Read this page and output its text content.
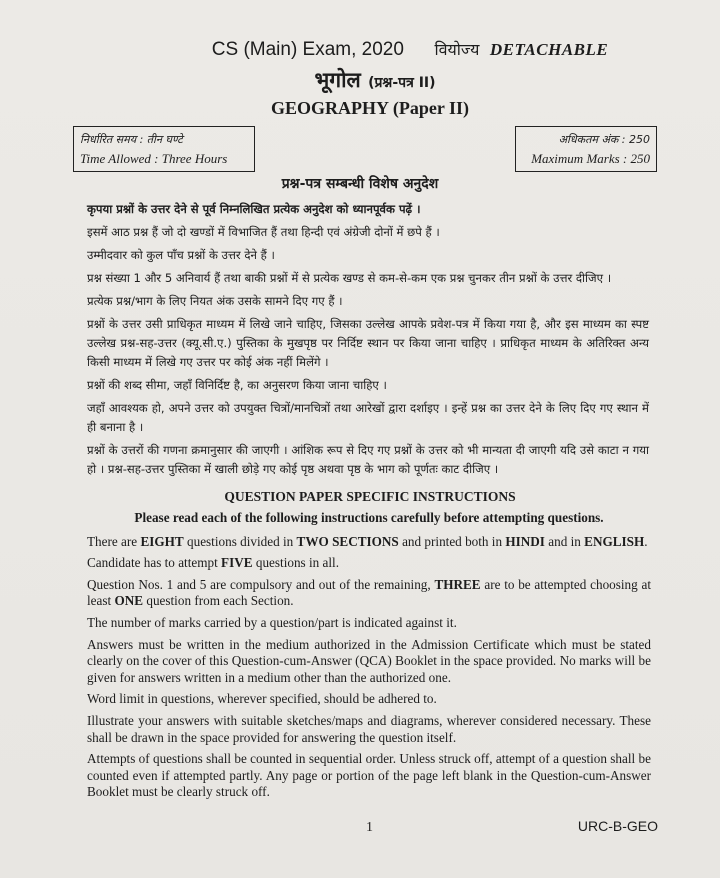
CS (Main) Exam, 2020 वियोज्य DETACHABLE
भूगोल (प्रश्न-पत्र II)
GEOGRAPHY (Paper II)
निर्धारित समय : तीन घण्टे
Time Allowed : Three Hours
अधिकतम अंक : 250
Maximum Marks : 250
प्रश्न-पत्र सम्बन्धी विशेष अनुदेश

कृपया प्रश्नों के उत्तर देने से पूर्व निम्नलिखित प्रत्येक अनुदेश को ध्यानपूर्वक पढ़ें ।

इसमें आठ प्रश्न हैं जो दो खण्डों में विभाजित हैं तथा हिन्दी एवं अंग्रेजी दोनों में छपे हैं ।

उम्मीदवार को कुल पाँच प्रश्नों के उत्तर देने हैं ।

प्रश्न संख्या 1 और 5 अनिवार्य हैं तथा बाकी प्रश्नों में से प्रत्येक खण्ड से कम-से-कम एक प्रश्न चुनकर तीन प्रश्नों के उत्तर दीजिए ।

प्रत्येक प्रश्न/भाग के लिए नियत अंक उसके सामने दिए गए हैं ।

प्रश्नों के उत्तर उसी प्राधिकृत माध्यम में लिखे जाने चाहिए, जिसका उल्लेख आपके प्रवेश-पत्र में किया गया है, और इस माध्यम का स्पष्ट उल्लेख प्रश्न-सह-उत्तर (क्यू.सी.ए.) पुस्तिका के मुखपृष्ठ पर निर्दिष्ट स्थान पर किया जाना चाहिए । प्राधिकृत माध्यम के अतिरिक्त अन्य किसी माध्यम में लिखे गए उत्तर पर कोई अंक नहीं मिलेंगे ।

प्रश्नों की शब्द सीमा, जहाँ विनिर्दिष्ट है, का अनुसरण किया जाना चाहिए ।

जहाँ आवश्यक हो, अपने उत्तर को उपयुक्त चित्रों/मानचित्रों तथा आरेखों द्वारा दर्शाइए । इन्हें प्रश्न का उत्तर देने के लिए दिए गए स्थान में ही बनाना है ।

प्रश्नों के उत्तरों की गणना क्रमानुसार की जाएगी । आंशिक रूप से दिए गए प्रश्नों के उत्तर को भी मान्यता दी जाएगी यदि उसे काटा न गया हो । प्रश्न-सह-उत्तर पुस्तिका में खाली छोड़े गए कोई पृष्ठ अथवा पृष्ठ के भाग को पूर्णतः काट दीजिए ।

QUESTION PAPER SPECIFIC INSTRUCTIONS

Please read each of the following instructions carefully before attempting questions.

There are EIGHT questions divided in TWO SECTIONS and printed both in HINDI and in ENGLISH.

Candidate has to attempt FIVE questions in all.

Question Nos. 1 and 5 are compulsory and out of the remaining, THREE are to be attempted choosing at least ONE question from each Section.

The number of marks carried by a question/part is indicated against it.

Answers must be written in the medium authorized in the Admission Certificate which must be stated clearly on the cover of this Question-cum-Answer (QCA) Booklet in the space provided. No marks will be given for answers written in a medium other than the authorized one.

Word limit in questions, wherever specified, should be adhered to.

Illustrate your answers with suitable sketches/maps and diagrams, wherever considered necessary. These shall be drawn in the space provided for answering the question itself.

Attempts of questions shall be counted in sequential order. Unless struck off, attempt of a question shall be counted even if attempted partly. Any page or portion of the page left blank in the Question-cum-Answer Booklet must be clearly struck off.

1	URC-B-GEO
